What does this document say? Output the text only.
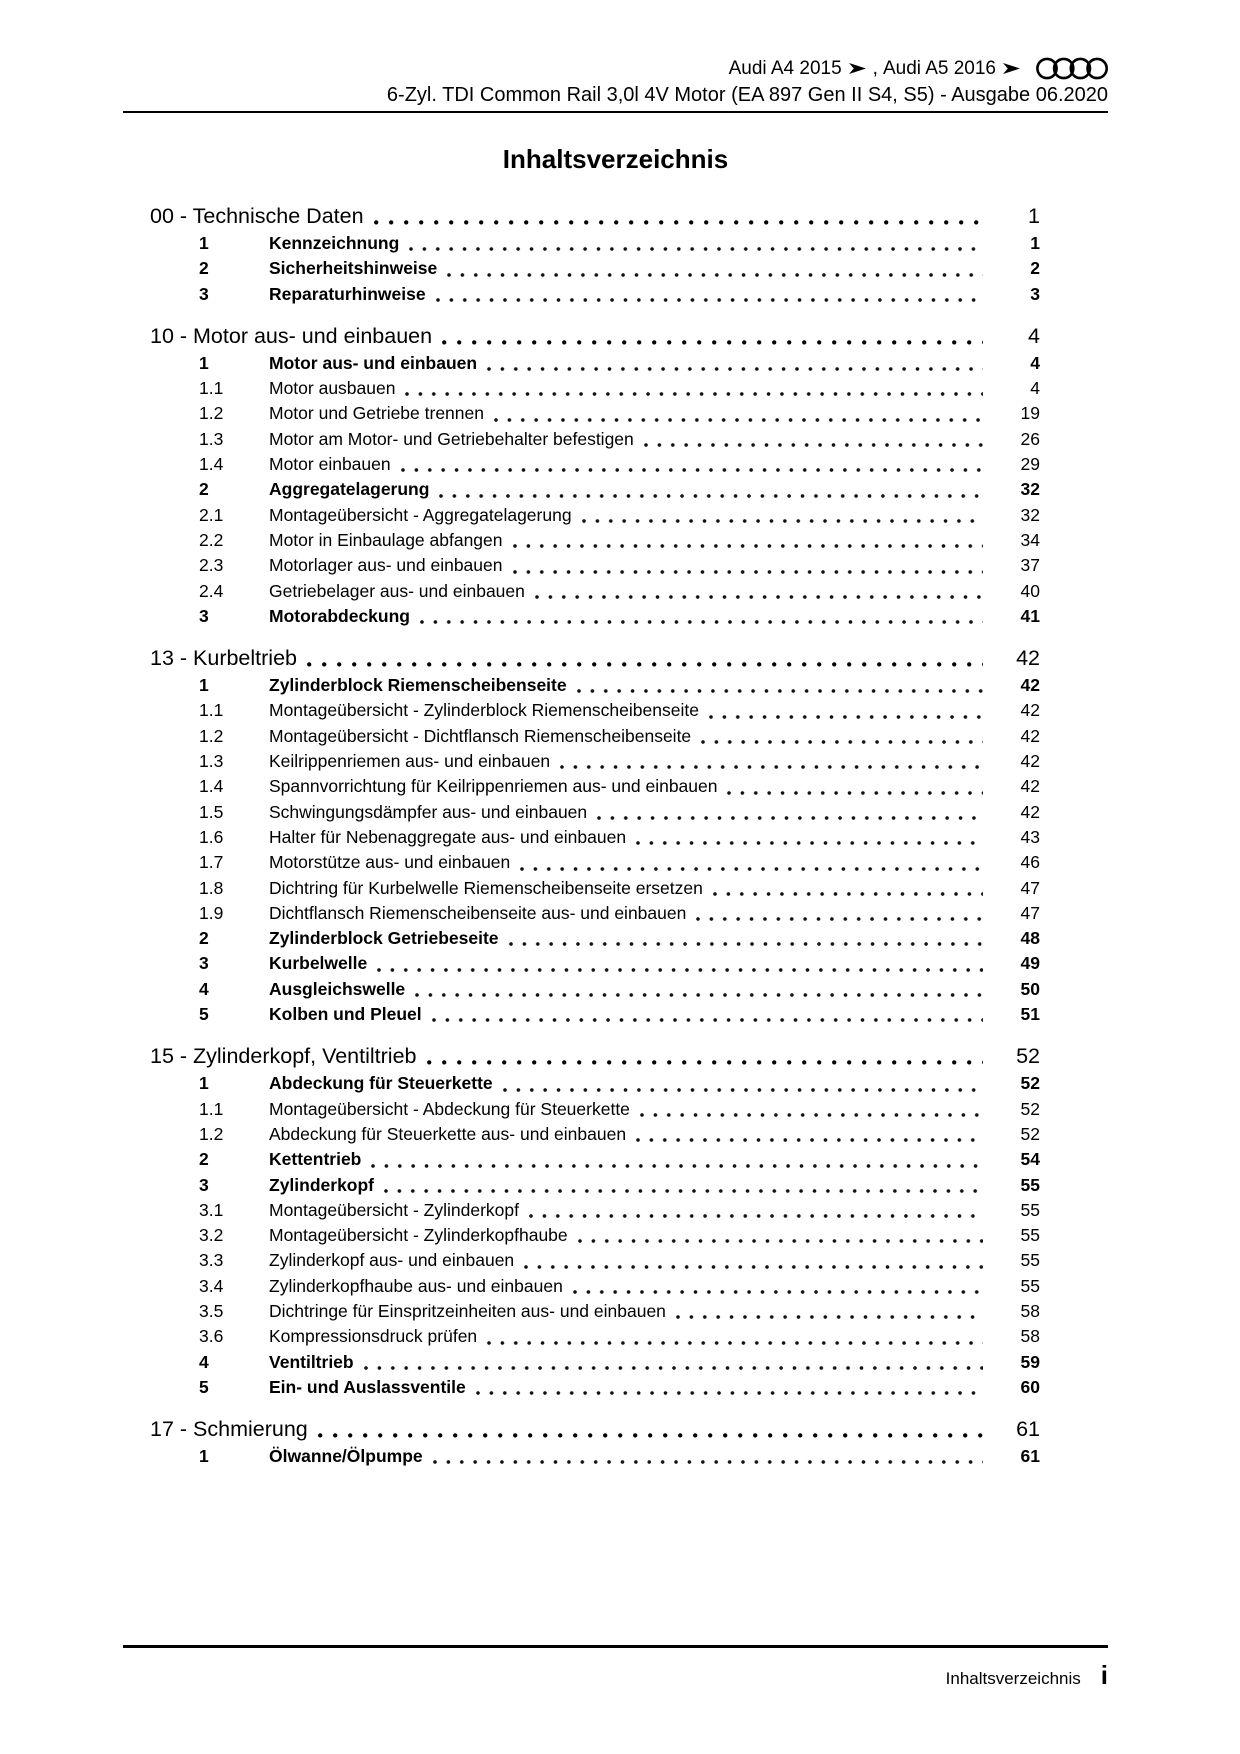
Audi A4 2015 , Audi A5 2016
6-Zyl. TDI Common Rail 3,0l 4V Motor (EA 897 Gen II S4, S5) - Ausgabe 06.2020
Inhaltsverzeichnis
00 - Technische Daten	1
1	Kennzeichnung	1
2	Sicherheitshinweise	2
3	Reparaturhinweise	3
10 - Motor aus- und einbauen	4
1	Motor aus- und einbauen	4
1.1	Motor ausbauen	4
1.2	Motor und Getriebe trennen	19
1.3	Motor am Motor- und Getriebehalter befestigen	26
1.4	Motor einbauen	29
2	Aggregatelagerung	32
2.1	Montageübersicht - Aggregatelagerung	32
2.2	Motor in Einbaulage abfangen	34
2.3	Motorlager aus- und einbauen	37
2.4	Getriebelager aus- und einbauen	40
3	Motorabdeckung	41
13 - Kurbeltrieb	42
1	Zylinderblock Riemenscheibenseite	42
1.1	Montageübersicht - Zylinderblock Riemenscheibenseite	42
1.2	Montageübersicht - Dichtflansch Riemenscheibenseite	42
1.3	Keilrippenriemen aus- und einbauen	42
1.4	Spannvorrichtung für Keilrippenriemen aus- und einbauen	42
1.5	Schwingungsdämpfer aus- und einbauen	42
1.6	Halter für Nebenaggregate aus- und einbauen	43
1.7	Motorstütze aus- und einbauen	46
1.8	Dichtring für Kurbelwelle Riemenscheibenseite ersetzen	47
1.9	Dichtflansch Riemenscheibenseite aus- und einbauen	47
2	Zylinderblock Getriebeseite	48
3	Kurbelwelle	49
4	Ausgleichswelle	50
5	Kolben und Pleuel	51
15 - Zylinderkopf, Ventiltrieb	52
1	Abdeckung für Steuerkette	52
1.1	Montageübersicht - Abdeckung für Steuerkette	52
1.2	Abdeckung für Steuerkette aus- und einbauen	52
2	Kettentrieb	54
3	Zylinderkopf	55
3.1	Montageübersicht - Zylinderkopf	55
3.2	Montageübersicht - Zylinderkopfhaube	55
3.3	Zylinderkopf aus- und einbauen	55
3.4	Zylinderkopfhaube aus- und einbauen	55
3.5	Dichtringe für Einspritzeinheiten aus- und einbauen	58
3.6	Kompressionsdruck prüfen	58
4	Ventiltrieb	59
5	Ein- und Auslassventile	60
17 - Schmierung	61
1	Ölwanne/Ölpumpe	61
Inhaltsverzeichnis i
